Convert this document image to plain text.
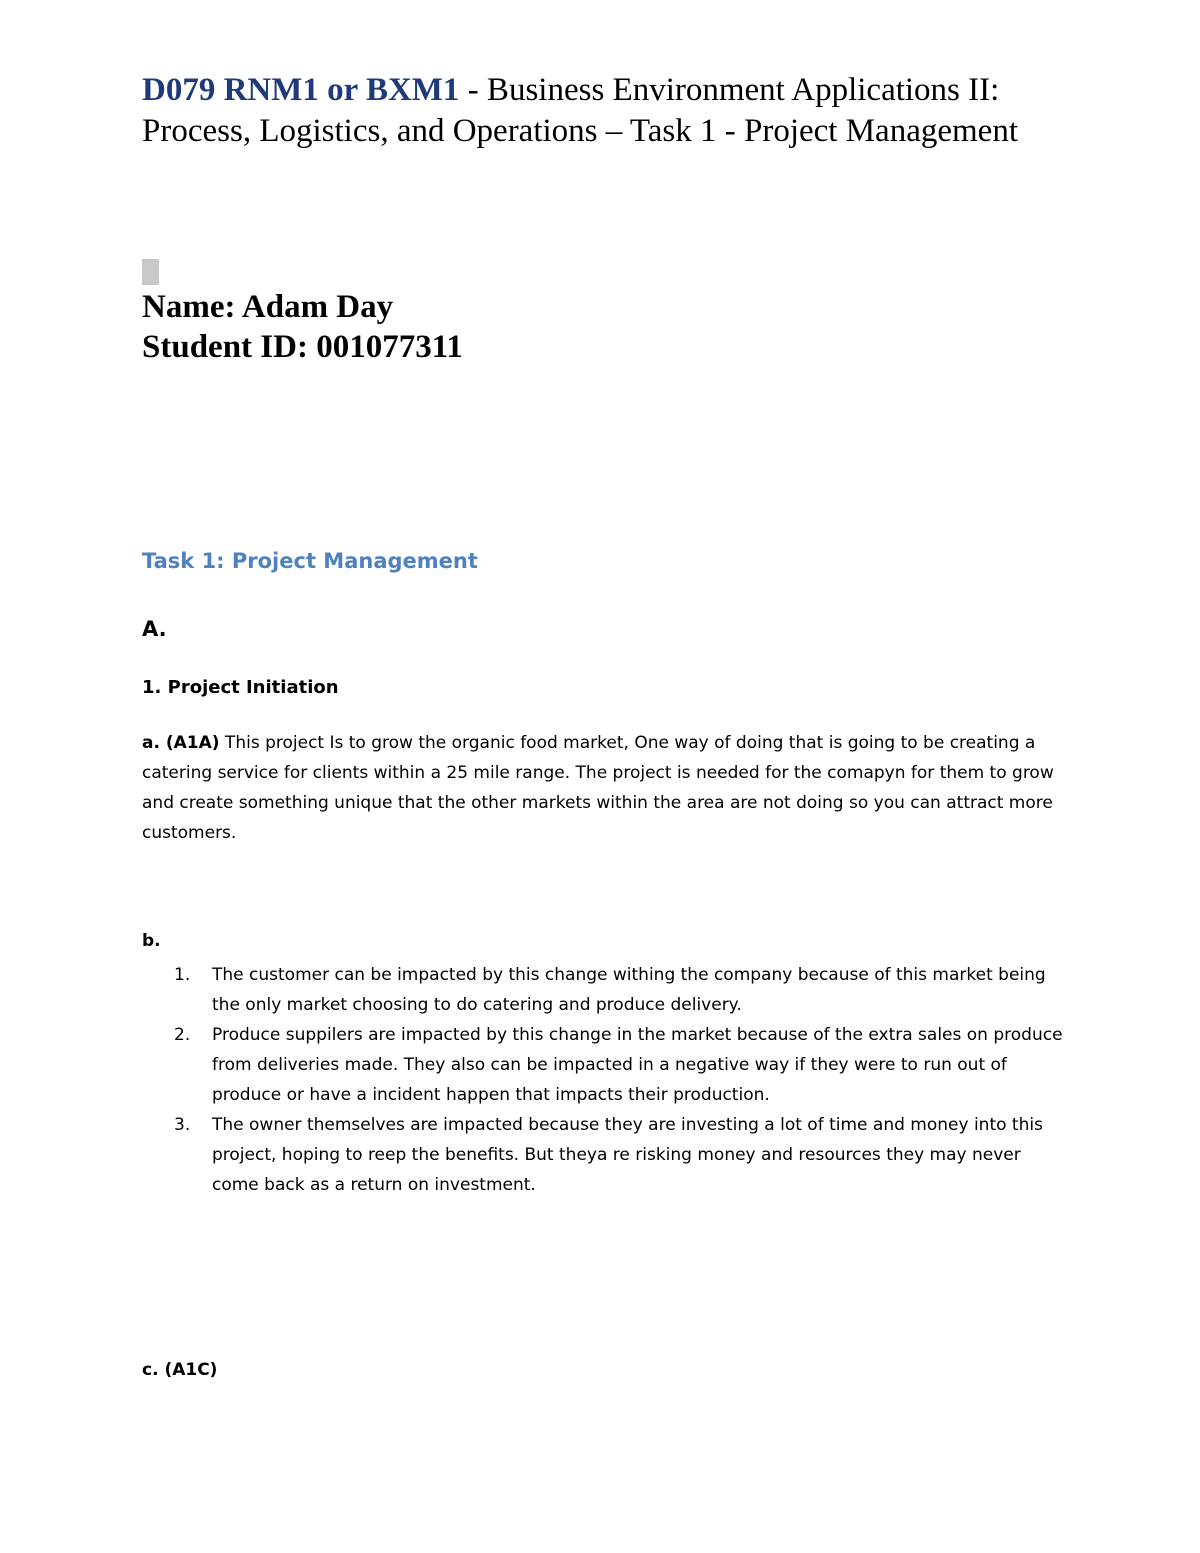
D079 RNM1 or BXM1 - Business Environment Applications II: Process, Logistics, and Operations – Task 1 - Project Management
Name: Adam Day
Student ID: 001077311
Task 1: Project Management
A.
1. Project Initiation
a. (A1A) This project Is to grow the organic food market, One way of doing that is going to be creating a catering service for clients within a 25 mile range. The project is needed for the comapyn for them to grow and create something unique that the other markets within the area are not doing so you can attract more customers.
b.
1. The customer can be impacted by this change withing the company because of this market being the only market choosing to do catering and produce delivery.
2. Produce suppilers are impacted by this change in the market because of the extra sales on produce from deliveries made. They also can be impacted in a negative way if they were to run out of produce or have a incident happen that impacts their production.
3. The owner themselves are impacted because they are investing a lot of time and money into this project, hoping to reep the benefits. But theya re risking money and resources they may never come back as a return on investment.
c. (A1C)
